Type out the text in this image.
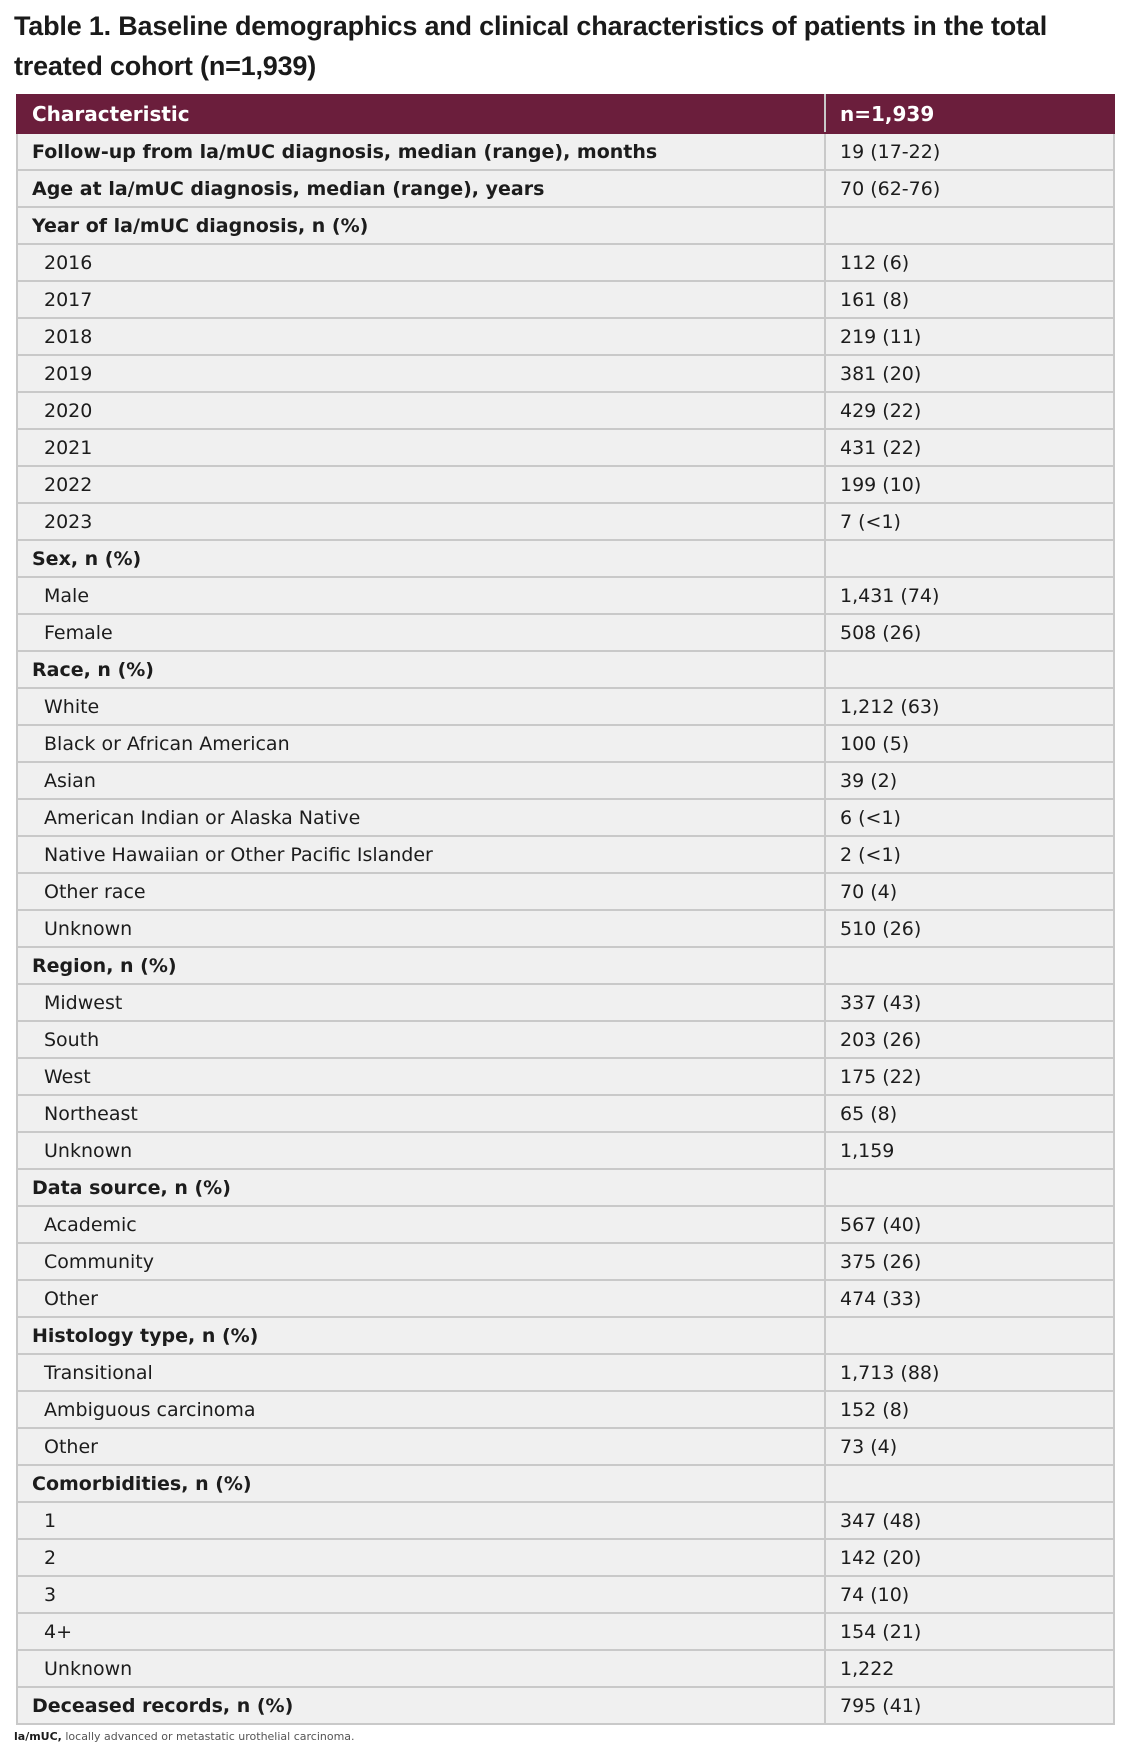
Table 1. Baseline demographics and clinical characteristics of patients in the total treated cohort (n=1,939)
Characteristic	n=1,939
Follow-up from la/mUC diagnosis, median (range), months	19 (17-22)
Age at la/mUC diagnosis, median (range), years	70 (62-76)
Year of la/mUC diagnosis, n (%)	
2016	112 (6)
2017	161 (8)
2018	219 (11)
2019	381 (20)
2020	429 (22)
2021	431 (22)
2022	199 (10)
2023	7 (<1)
Sex, n (%)	
Male	1,431 (74)
Female	508 (26)
Race, n (%)	
White	1,212 (63)
Black or African American	100 (5)
Asian	39 (2)
American Indian or Alaska Native	6 (<1)
Native Hawaiian or Other Pacific Islander	2 (<1)
Other race	70 (4)
Unknown	510 (26)
Region, n (%)	
Midwest	337 (43)
South	203 (26)
West	175 (22)
Northeast	65 (8)
Unknown	1,159
Data source, n (%)	
Academic	567 (40)
Community	375 (26)
Other	474 (33)
Histology type, n (%)	
Transitional	1,713 (88)
Ambiguous carcinoma	152 (8)
Other	73 (4)
Comorbidities, n (%)	
1	347 (48)
2	142 (20)
3	74 (10)
4+	154 (21)
Unknown	1,222
Deceased records, n (%)	795 (41)
la/mUC, locally advanced or metastatic urothelial carcinoma.
